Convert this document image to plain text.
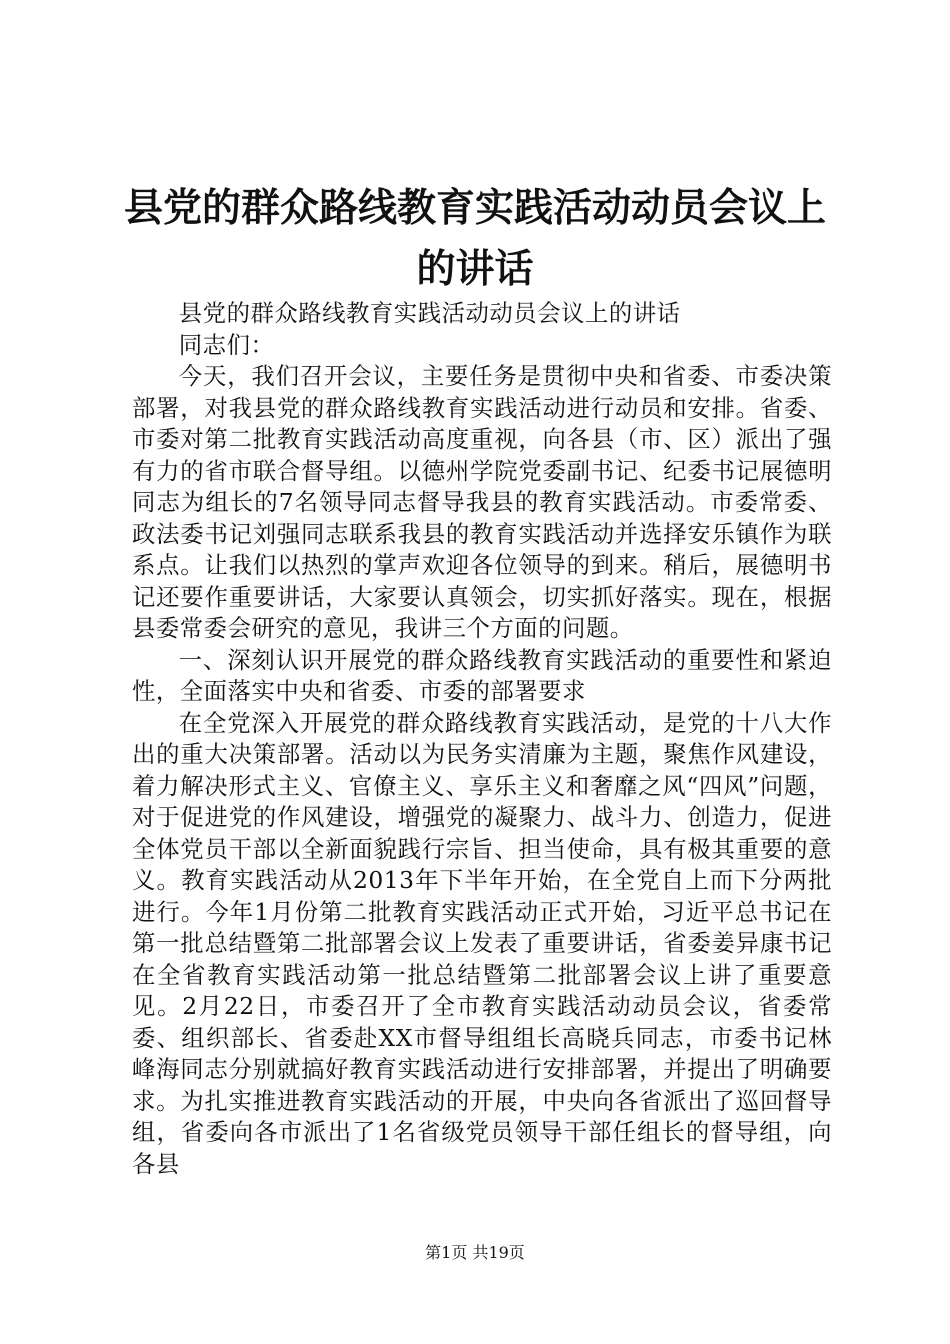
县党的群众路线教育实践活动动员会议上的讲话

县党的群众路线教育实践活动动员会议上的讲话

同志们：

今天，我们召开会议，主要任务是贯彻中央和省委、市委决策部署，对我县党的群众路线教育实践活动进行动员和安排。省委、市委对第二批教育实践活动高度重视，向各县（市、区）派出了强有力的省市联合督导组。以德州学院党委副书记、纪委书记展德明同志为组长的7名领导同志督导我县的教育实践活动。市委常委、政法委书记刘强同志联系我县的教育实践活动并选择安乐镇作为联系点。让我们以热烈的掌声欢迎各位领导的到来。稍后，展德明书记还要作重要讲话，大家要认真领会，切实抓好落实。现在，根据县委常委会研究的意见，我讲三个方面的问题。

一、深刻认识开展党的群众路线教育实践活动的重要性和紧迫性，全面落实中央和省委、市委的部署要求

在全党深入开展党的群众路线教育实践活动，是党的十八大作出的重大决策部署。活动以为民务实清廉为主题，聚焦作风建设，着力解决形式主义、官僚主义、享乐主义和奢靡之风“四风”问题，对于促进党的作风建设，增强党的凝聚力、战斗力、创造力，促进全体党员干部以全新面貌践行宗旨、担当使命，具有极其重要的意义。教育实践活动从2013年下半年开始，在全党自上而下分两批进行。今年1月份第二批教育实践活动正式开始，习近平总书记在第一批总结暨第二批部署会议上发表了重要讲话，省委姜异康书记在全省教育实践活动第一批总结暨第二批部署会议上讲了重要意见。2月22日，市委召开了全市教育实践活动动员会议，省委常委、组织部长、省委赴XX市督导组组长高晓兵同志，市委书记林峰海同志分别就搞好教育实践活动进行安排部署，并提出了明确要求。为扎实推进教育实践活动的开展，中央向各省派出了巡回督导组，省委向各市派出了1名省级党员领导干部任组长的督导组，向各县

第1页 共19页
